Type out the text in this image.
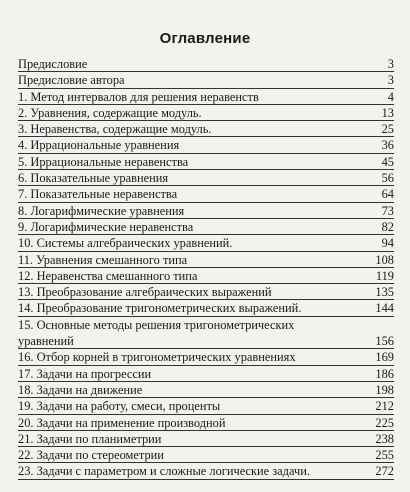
Оглавление
Предисловие	3
Предисловие автора	3
1. Метод интервалов для решения неравенств	4
2. Уравнения, содержащие модуль.	13
3. Неравенства, содержащие модуль.	25
4. Иррациональные уравнения	36
5. Иррациональные неравенства	45
6. Показательные уравнения	56
7. Показательные неравенства	64
8. Логарифмические уравнения	73
9. Логарифмические неравенства	82
10. Системы алгебраических уравнений.	94
11. Уравнения смешанного типа	108
12. Неравенства смешанного типа	119
13. Преобразование алгебраических выражений	135
14. Преобразование тригонометрических выражений.	144
15. Основные методы решения тригонометрических уравнений	156
16. Отбор корней в тригонометрических уравнениях	169
17. Задачи на прогрессии	186
18. Задачи на движение	198
19. Задачи на работу, смеси, проценты	212
20. Задачи на применение производной	225
21. Задачи по планиметрии	238
22. Задачи по стереометрии	255
23. Задачи с параметром и сложные логические задачи.	272
